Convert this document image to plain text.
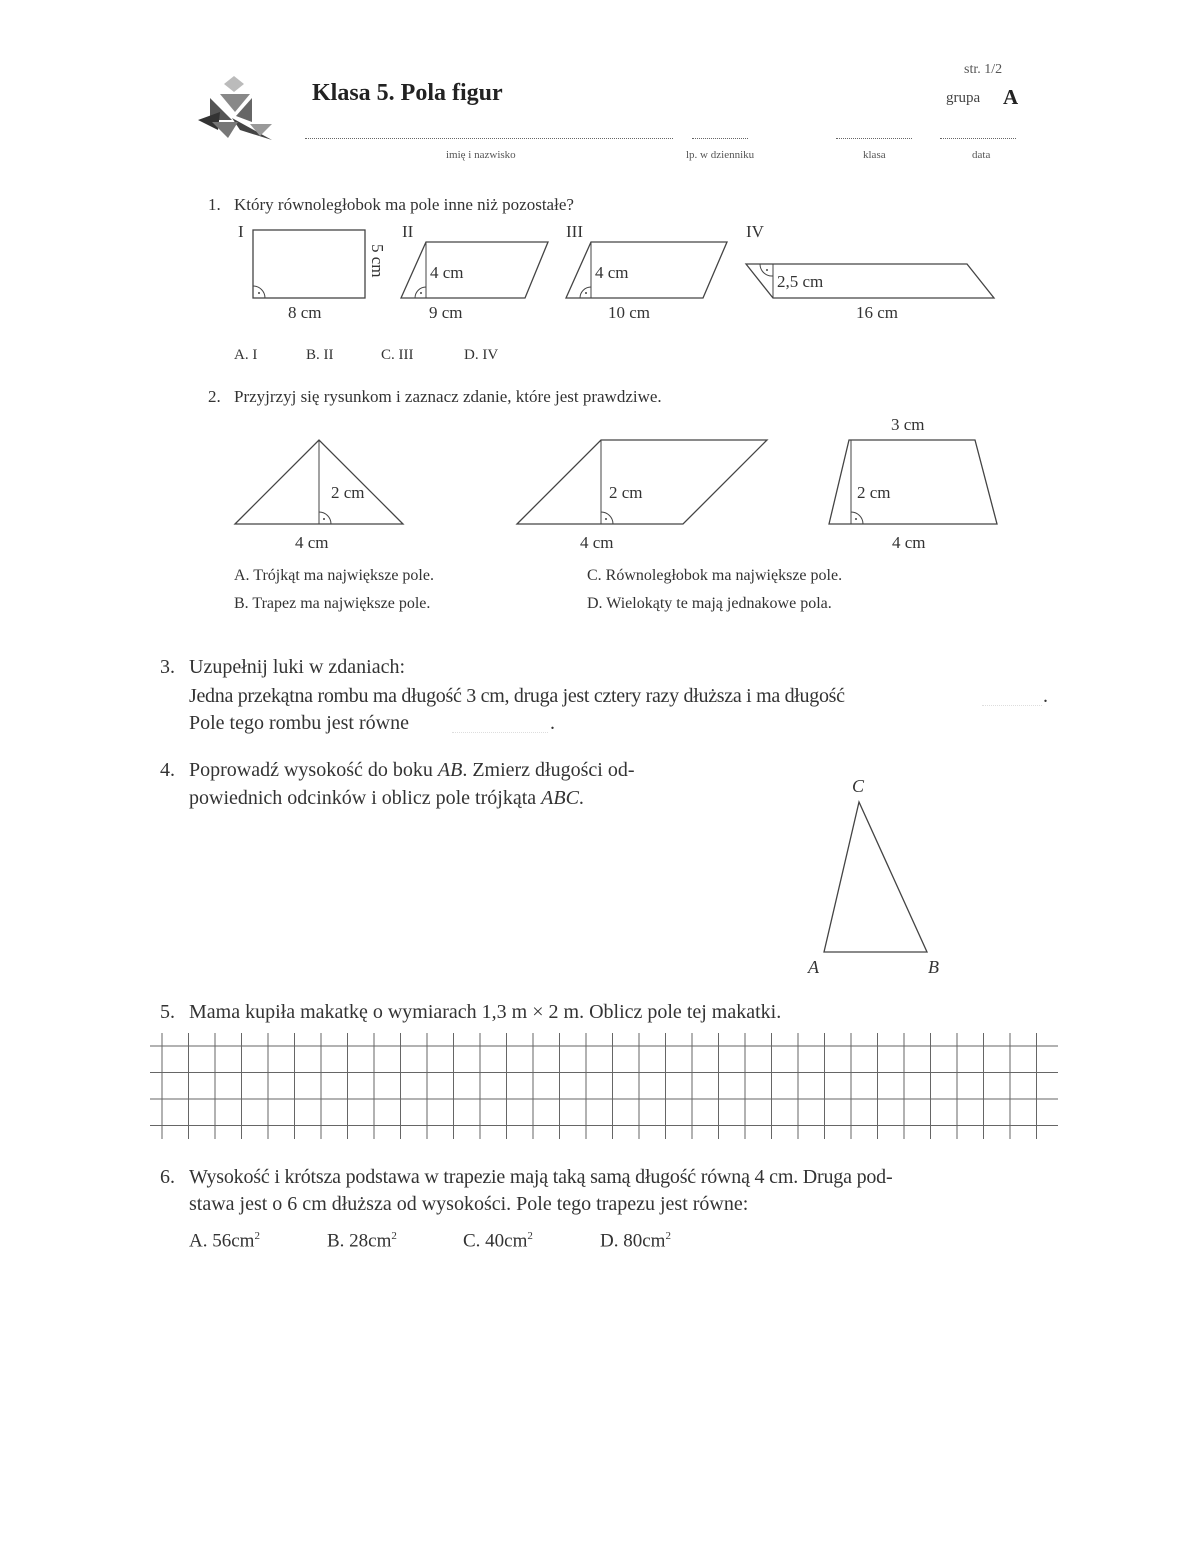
Klasa 5. Pola figur
str. 1/2
grupa A
imię i nazwisko	lp. w dzienniku	klasa	data
1. Który równoległobok ma pole inne niż pozostałe?
I
5 cm
8 cm
II
4 cm
9 cm
III
4 cm
10 cm
IV
2,5 cm
16 cm
A. I	B. II	C. III	D. IV
2. Przyjrzyj się rysunkom i zaznacz zdanie, które jest prawdziwe.
2 cm
4 cm
2 cm
4 cm
3 cm
2 cm
4 cm
A. Trójkąt ma największe pole.
B. Trapez ma największe pole.
C. Równoległobok ma największe pole.
D. Wielokąty te mają jednakowe pola.
3. Uzupełnij luki w zdaniach:
Jedna przekątna rombu ma długość 3 cm, druga jest cztery razy dłuższa i ma długość	.
Pole tego rombu jest równe	.
4. Poprowadź wysokość do boku AB. Zmierz długości od-
powiednich odcinków i oblicz pole trójkąta ABC.
C
A	B
5. Mama kupiła makatkę o wymiarach 1,3 m × 2 m. Oblicz pole tej makatki.
6. Wysokość i krótsza podstawa w trapezie mają taką samą długość równą 4 cm. Druga pod-
stawa jest o 6 cm dłuższa od wysokości. Pole tego trapezu jest równe:
A. $56cm^2$	B. $28cm^2$	C. $40cm^2$	D. $80cm^2$
